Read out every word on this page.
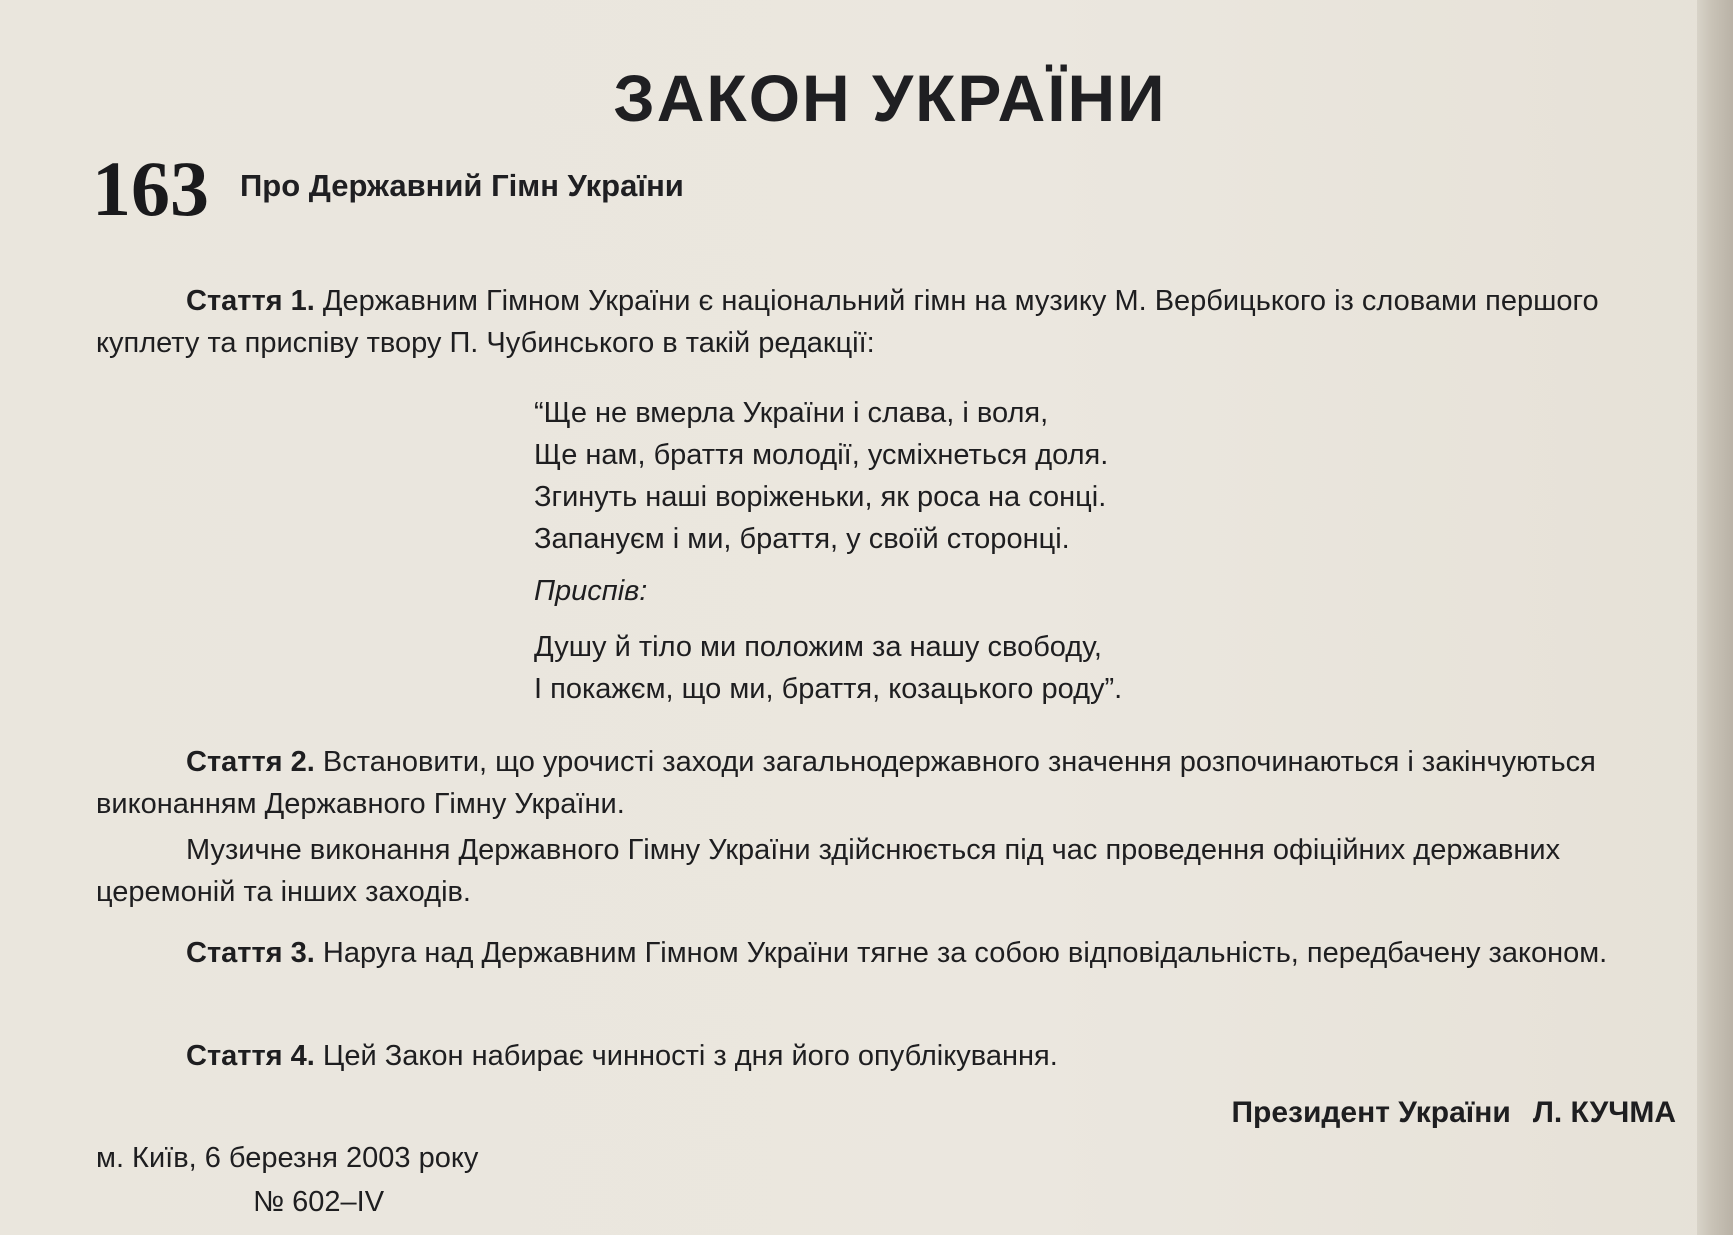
ЗАКОН УКРАЇНИ
163 Про Державний Гімн України
Стаття 1. Державним Гімном України є національний гімн на музику М. Вербицького із словами першого куплету та приспіву твору П. Чубинського в такій редакції:
“Ще не вмерла України і слава, і воля,
Ще нам, браття молодії, усміхнеться доля.
Згинуть наші воріженьки, як роса на сонці.
Запануєм і ми, браття, у своїй сторонці.
Приспів:
Душу й тіло ми положим за нашу свободу,
І покажєм, що ми, браття, козацького роду”.
Стаття 2. Встановити, що урочисті заходи загальнодержавного значення розпочинаються і закінчуються виконанням Державного Гімну України.
Музичне виконання Державного Гімну України здійснюється під час проведення офіційних державних церемоній та інших заходів.
Стаття 3. Наруга над Державним Гімном України тягне за собою відповідальність, передбачену законом.
Стаття 4. Цей Закон набирає чинності з дня його опублікування.
Президент України Л. КУЧМА
м. Київ, 6 березня 2003 року
№ 602–IV
